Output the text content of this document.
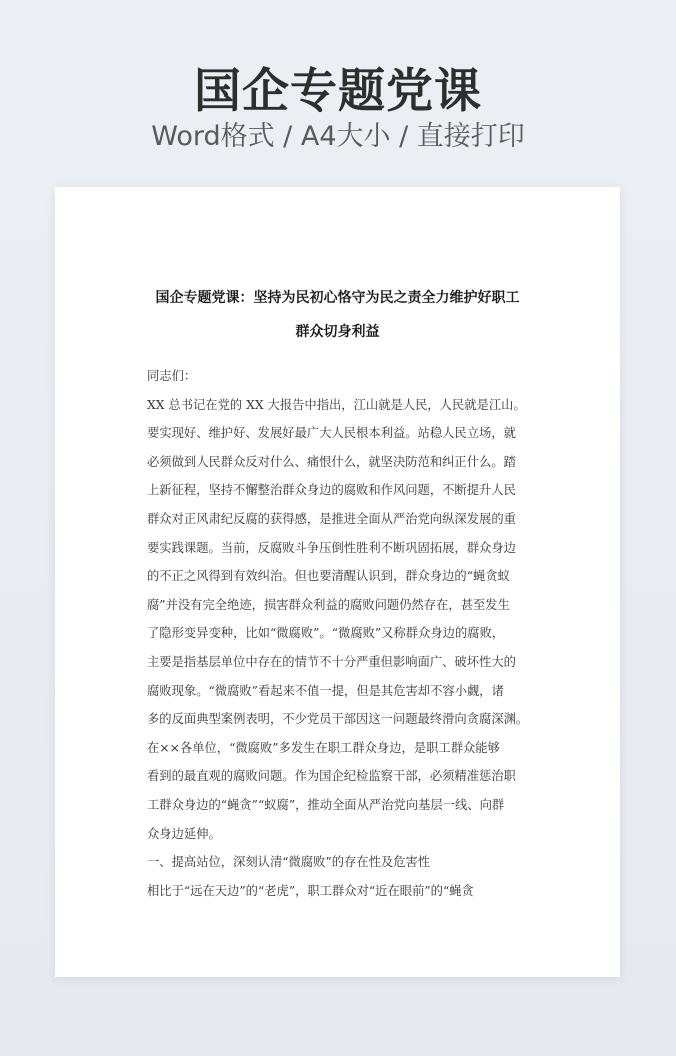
国企专题党课
Word格式 / A4大小 / 直接打印
国企专题党课：坚持为民初心恪守为民之责全力维护好职工
群众切身利益
同志们：
XX 总书记在党的 XX 大报告中指出，江山就是人民，人民就是江山。
要实现好、维护好、发展好最广大人民根本利益。站稳人民立场，就
必须做到人民群众反对什么、痛恨什么，就坚决防范和纠正什么。踏
上新征程，坚持不懈整治群众身边的腐败和作风问题，不断提升人民
群众对正风肃纪反腐的获得感，是推进全面从严治党向纵深发展的重
要实践课题。当前，反腐败斗争压倒性胜利不断巩固拓展，群众身边
的不正之风得到有效纠治。但也要清醒认识到，群众身边的“蝇贪蚁
腐”并没有完全绝迹，损害群众利益的腐败问题仍然存在，甚至发生
了隐形变异变种，比如“微腐败”。“微腐败”又称群众身边的腐败，
主要是指基层单位中存在的情节不十分严重但影响面广、破坏性大的
腐败现象。“微腐败”看起来不值一提，但是其危害却不容小觑，诸
多的反面典型案例表明，不少党员干部因这一问题最终滑向贪腐深渊。
在××各单位，“微腐败”多发生在职工群众身边，是职工群众能够
看到的最直观的腐败问题。作为国企纪检监察干部，必须精准惩治职
工群众身边的“蝇贪”“蚁腐”，推动全面从严治党向基层一线、向群
众身边延伸。
一、提高站位，深刻认清“微腐败”的存在性及危害性
相比于“远在天边”的“老虎”，职工群众对“近在眼前”的“蝇贪
